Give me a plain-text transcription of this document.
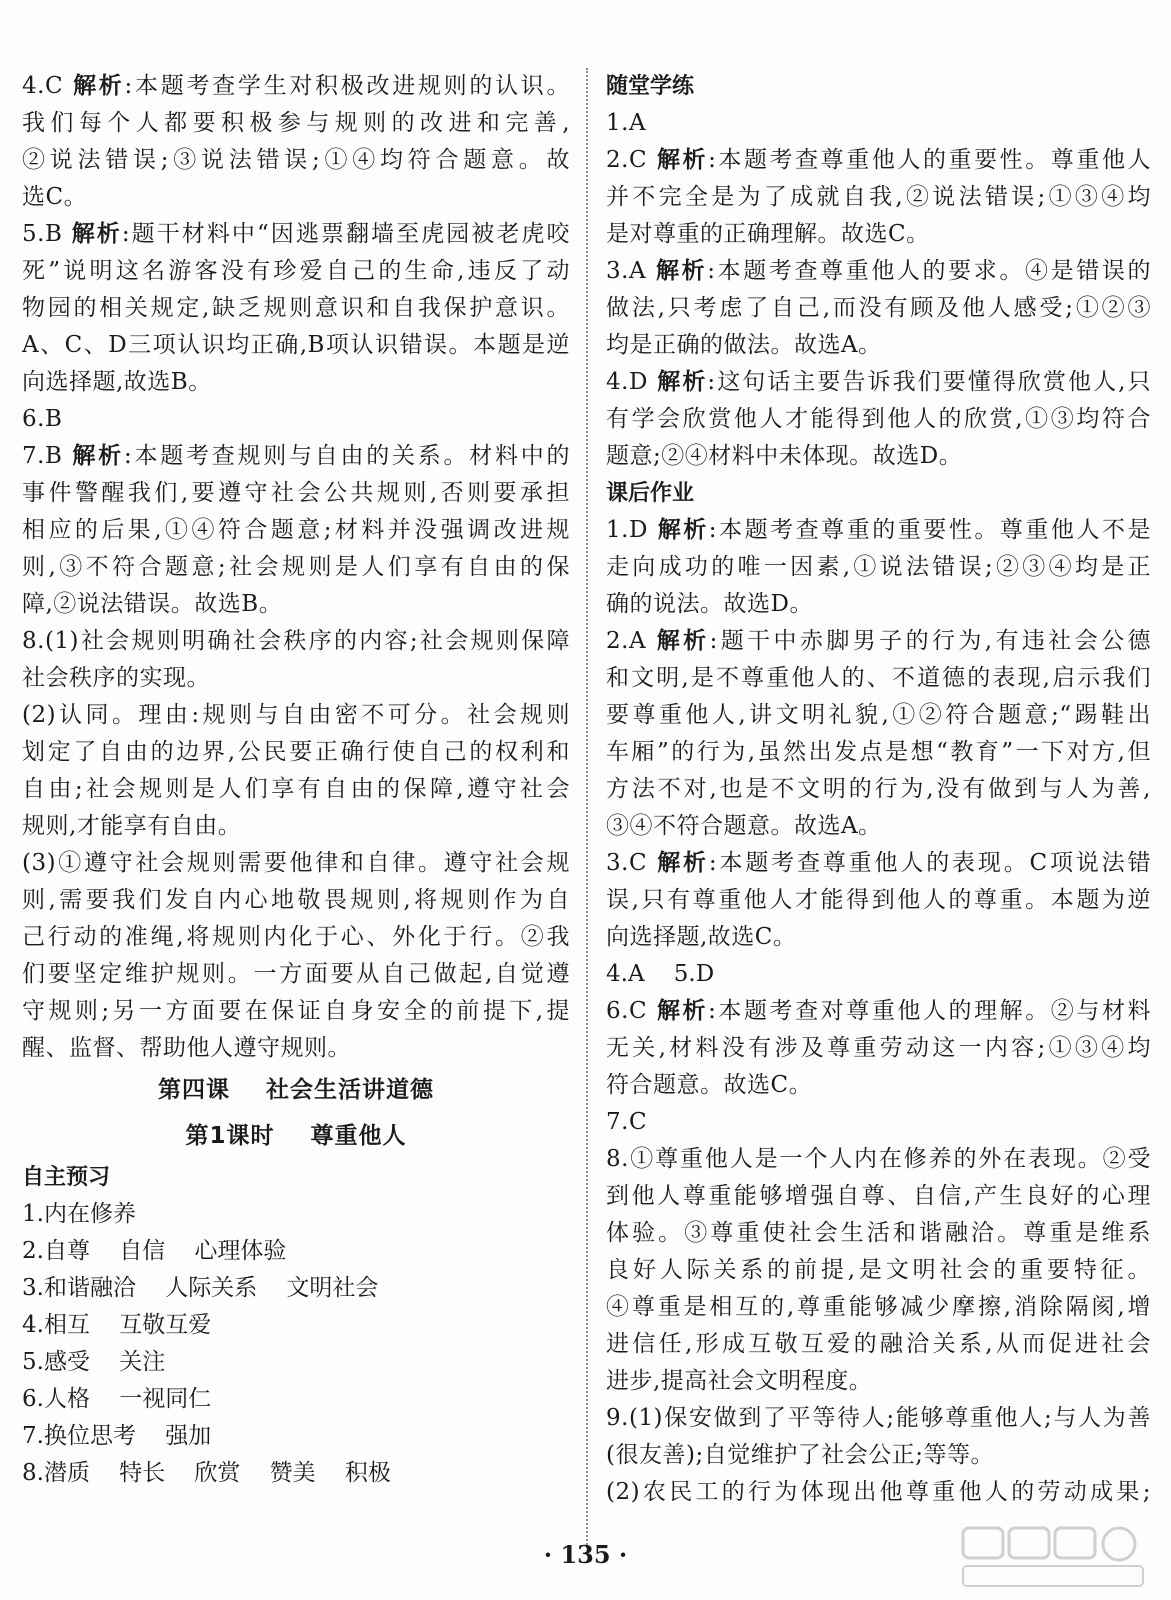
4.C 解析:本题考查学生对积极改进规则的认识。
我们每个人都要积极参与规则的改进和完善,
②说法错误;③说法错误;①④均符合题意。故
选C。
5.B 解析:题干材料中“因逃票翻墙至虎园被老虎咬
死”说明这名游客没有珍爱自己的生命,违反了动
物园的相关规定,缺乏规则意识和自我保护意识。
A、C、D三项认识均正确,B项认识错误。本题是逆
向选择题,故选B。
6.B
7.B 解析:本题考查规则与自由的关系。材料中的
事件警醒我们,要遵守社会公共规则,否则要承担
相应的后果,①④符合题意;材料并没强调改进规
则,③不符合题意;社会规则是人们享有自由的保
障,②说法错误。故选B。
8.(1)社会规则明确社会秩序的内容;社会规则保障
社会秩序的实现。
(2)认同。理由:规则与自由密不可分。社会规则
划定了自由的边界,公民要正确行使自己的权利和
自由;社会规则是人们享有自由的保障,遵守社会
规则,才能享有自由。
(3)①遵守社会规则需要他律和自律。遵守社会规
则,需要我们发自内心地敬畏规则,将规则作为自
己行动的准绳,将规则内化于心、外化于行。②我
们要坚定维护规则。一方面要从自己做起,自觉遵
守规则;另一方面要在保证自身安全的前提下,提
醒、监督、帮助他人遵守规则。
第四课    社会生活讲道德
第1课时    尊重他人
自主预习
1.内在修养
2.自尊    自信    心理体验
3.和谐融洽    人际关系    文明社会
4.相互    互敬互爱
5.感受    关注
6.人格    一视同仁
7.换位思考    强加
8.潜质    特长    欣赏    赞美    积极
随堂学练
1.A
2.C 解析:本题考查尊重他人的重要性。尊重他人
并不完全是为了成就自我,②说法错误;①③④均
是对尊重的正确理解。故选C。
3.A 解析:本题考查尊重他人的要求。④是错误的
做法,只考虑了自己,而没有顾及他人感受;①②③
均是正确的做法。故选A。
4.D 解析:这句话主要告诉我们要懂得欣赏他人,只
有学会欣赏他人才能得到他人的欣赏,①③均符合
题意;②④材料中未体现。故选D。
课后作业
1.D 解析:本题考查尊重的重要性。尊重他人不是
走向成功的唯一因素,①说法错误;②③④均是正
确的说法。故选D。
2.A 解析:题干中赤脚男子的行为,有违社会公德
和文明,是不尊重他人的、不道德的表现,启示我们
要尊重他人,讲文明礼貌,①②符合题意;“踢鞋出
车厢”的行为,虽然出发点是想“教育”一下对方,但
方法不对,也是不文明的行为,没有做到与人为善,
③④不符合题意。故选A。
3.C 解析:本题考查尊重他人的表现。C项说法错
误,只有尊重他人才能得到他人的尊重。本题为逆
向选择题,故选C。
4.A    5.D
6.C 解析:本题考查对尊重他人的理解。②与材料
无关,材料没有涉及尊重劳动这一内容;①③④均
符合题意。故选C。
7.C
8.①尊重他人是一个人内在修养的外在表现。②受
到他人尊重能够增强自尊、自信,产生良好的心理
体验。③尊重使社会生活和谐融洽。尊重是维系
良好人际关系的前提,是文明社会的重要特征。
④尊重是相互的,尊重能够减少摩擦,消除隔阂,增
进信任,形成互敬互爱的融洽关系,从而促进社会
进步,提高社会文明程度。
9.(1)保安做到了平等待人;能够尊重他人;与人为善
(很友善);自觉维护了社会公正;等等。
(2)农民工的行为体现出他尊重他人的劳动成果;
· 135 ·
